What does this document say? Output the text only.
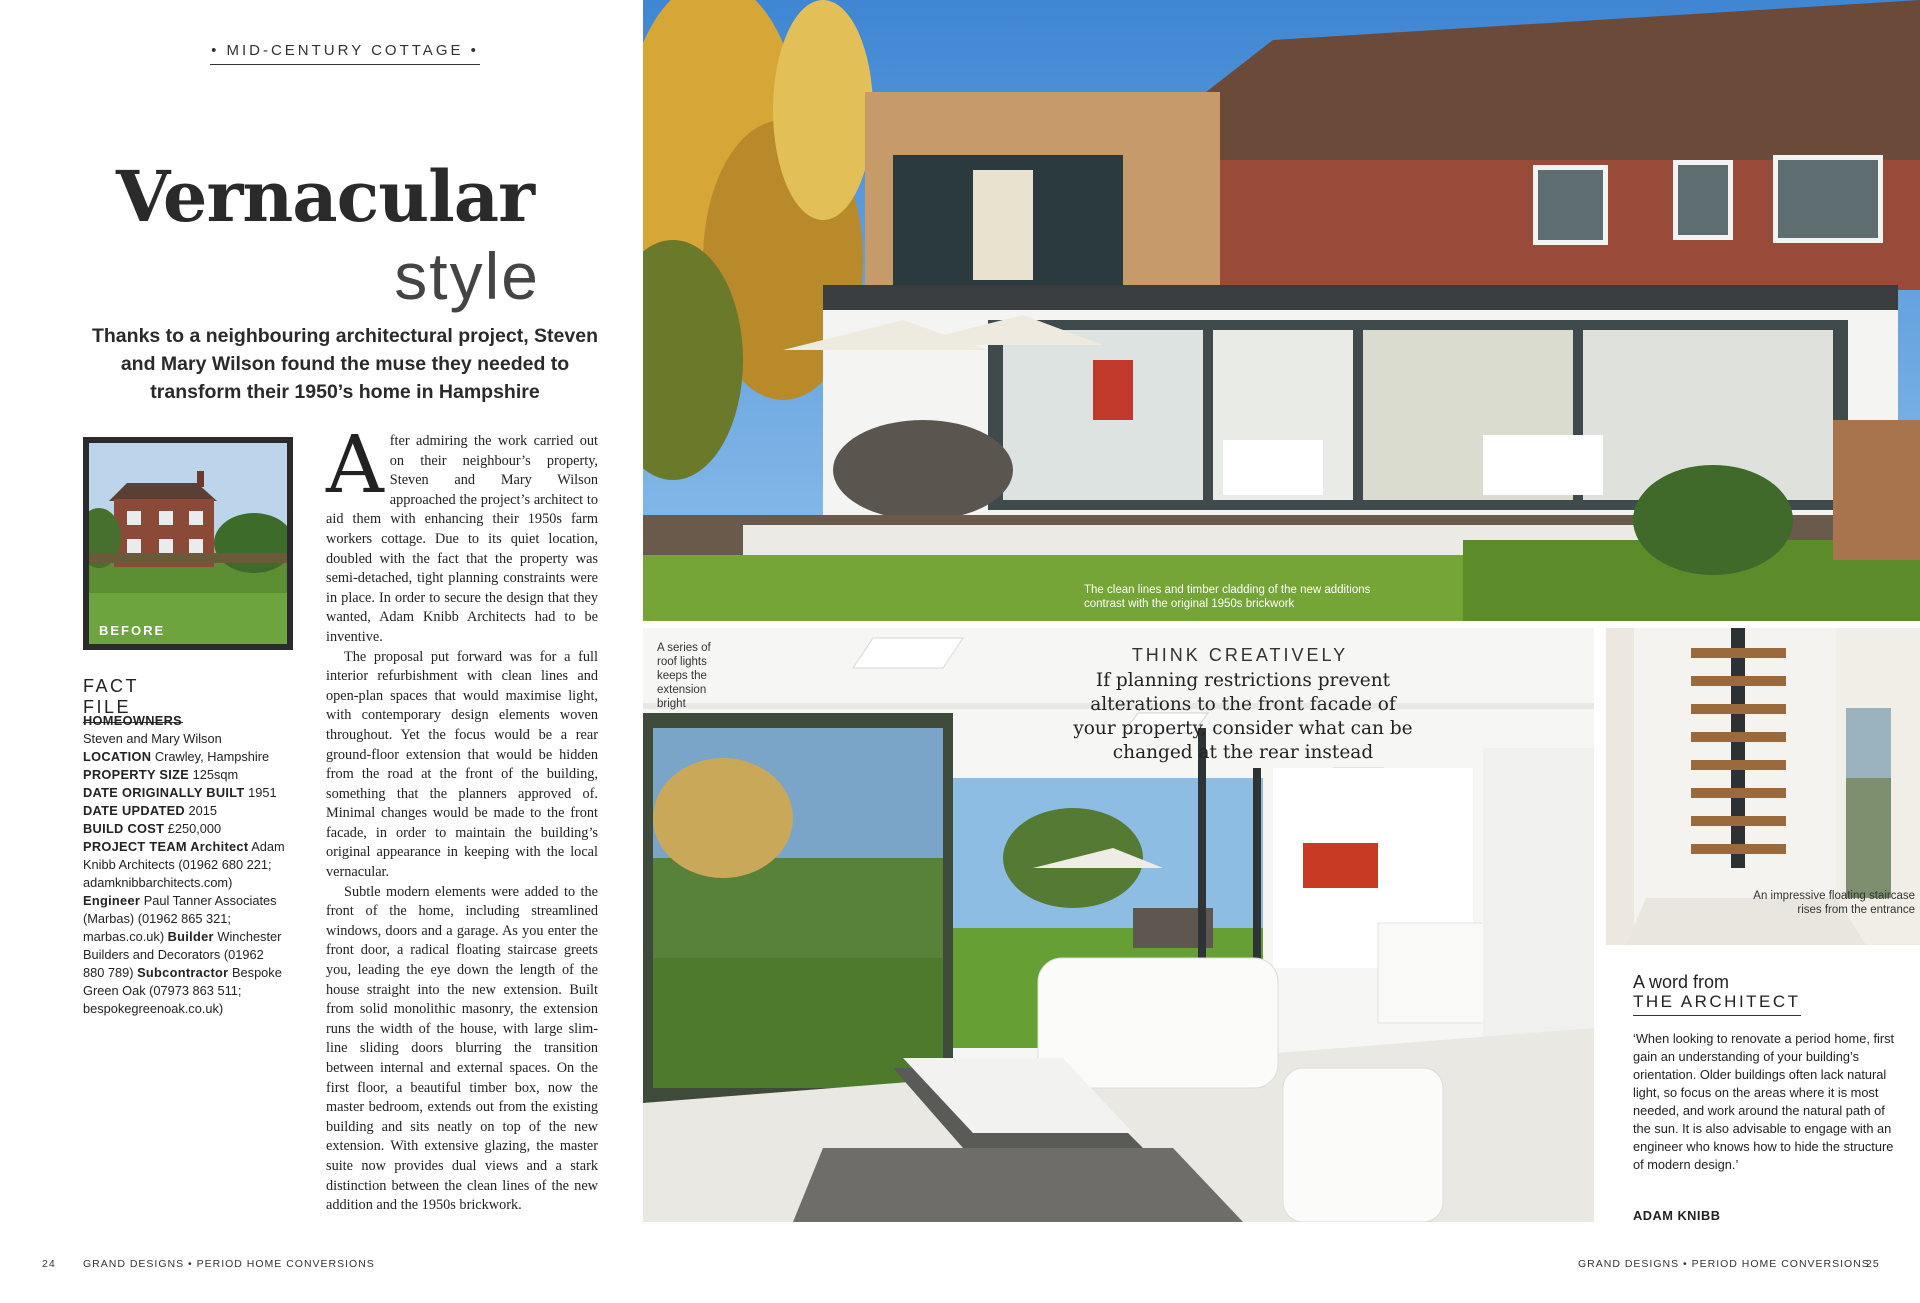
• MID-CENTURY COTTAGE •
Vernacular
style
Thanks to a neighbouring architectural project, Steven and Mary Wilson found the muse they needed to transform their 1950’s home in Hampshire
BEFORE
FACT FILE
HOMEOWNERS
Steven and Mary Wilson
LOCATION Crawley, Hampshire
PROPERTY SIZE 125sqm
DATE ORIGINALLY BUILT 1951
DATE UPDATED 2015
BUILD COST £250,000
PROJECT TEAM Architect Adam Knibb Architects (01962 680 221; adamknibbarchitects.com) Engineer Paul Tanner Associates (Marbas) (01962 865 321; marbas.co.uk) Builder Winchester Builders and Decorators (01962 880 789) Subcontractor Bespoke Green Oak (07973 863 511; bespokegreenoak.co.uk)

After admiring the work carried out on their neighbour’s property, Steven and Mary Wilson approached the project’s architect to aid them with enhancing their 1950s farm workers cottage. Due to its quiet location, doubled with the fact that the property was semi-detached, tight planning constraints were in place. In order to secure the design that they wanted, Adam Knibb Architects had to be inventive.

The proposal put forward was for a full interior refurbishment with clean lines and open-plan spaces that would maximise light, with contemporary design elements woven throughout. Yet the focus would be a rear ground-floor extension that would be hidden from the road at the front of the building, something that the planners approved of. Minimal changes would be made to the front facade, in order to maintain the building’s original appearance in keeping with the local vernacular.

Subtle modern elements were added to the front of the home, including streamlined windows, doors and a garage. As you enter the front door, a radical floating staircase greets you, leading the eye down the length of the house straight into the new extension. Built from solid monolithic masonry, the extension runs the width of the house, with large slim-line sliding doors blurring the transition between internal and external spaces. On the first floor, a beautiful timber box, now the master bedroom, extends out from the existing building and sits neatly on top of the new extension. With extensive glazing, the master suite now provides dual views and a stark distinction between the clean lines of the new addition and the 1950s brickwork.

The clean lines and timber cladding of the new additions contrast with the original 1950s brickwork
A series of roof lights keeps the extension bright
THINK CREATIVELY
If planning restrictions prevent alterations to the front facade of your property, consider what can be changed at the rear instead
An impressive floating staircase rises from the entrance
A word from
THE ARCHITECT
‘When looking to renovate a period home, first gain an understanding of your building’s orientation. Older buildings often lack natural light, so focus on the areas where it is most needed, and work around the natural path of the sun. It is also advisable to engage with an engineer who knows how to hide the structure of modern design.’
ADAM KNIBB
24	GRAND DESIGNS • PERIOD HOME CONVERSIONS	GRAND DESIGNS • PERIOD HOME CONVERSIONS
25
